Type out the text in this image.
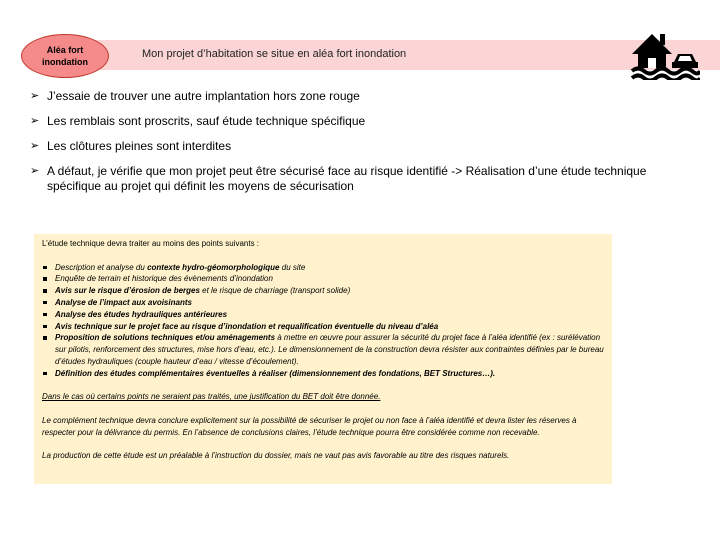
Aléa fort
inondation
Mon projet d’habitation se situe en aléa fort inondation
➢ J’essaie de trouver une autre implantation hors zone rouge
➢ Les remblais sont proscrits, sauf étude technique spécifique
➢ Les clôtures pleines sont interdites
➢ A défaut, je vérifie que mon projet peut être sécurisé face au risque identifié -> Réalisation d’une étude technique spécifique au projet qui définit les moyens de sécurisation

L’étude technique devra traiter au moins des points suivants :

Description et analyse du contexte hydro-géomorphologique du site
Enquête de terrain et historique des évènements d’inondation
Avis sur le risque d’érosion de berges et le risque de charriage (transport solide)
Analyse de l’impact aux avoisinants
Analyse des études hydrauliques antérieures
Avis technique sur le projet face au risque d’inondation et requalification éventuelle du niveau d’aléa
Proposition de solutions techniques et/ou aménagements à mettre en œuvre pour assurer la sécurité du projet face à l’aléa identifié (ex : surélévation sur pilotis, renforcement des structures, mise hors d’eau, etc.). Le dimensionnement de la construction devra résister aux contraintes définies par le bureau d’études hydrauliques (couple hauteur d’eau / vitesse d’écoulement).
Définition des études complémentaires éventuelles à réaliser (dimensionnement des fondations, BET Structures…).

Dans le cas où certains points ne seraient pas traités, une justification du BET doit être donnée.

Le complément technique devra conclure explicitement sur la possibilité de sécuriser le projet ou non face à l’aléa identifié et devra lister les réserves à respecter pour la délivrance du permis. En l’absence de conclusions claires, l’étude technique pourra être considérée comme non recevable.

La production de cette étude est un préalable à l’instruction du dossier, mais ne vaut pas avis favorable au titre des risques naturels.
